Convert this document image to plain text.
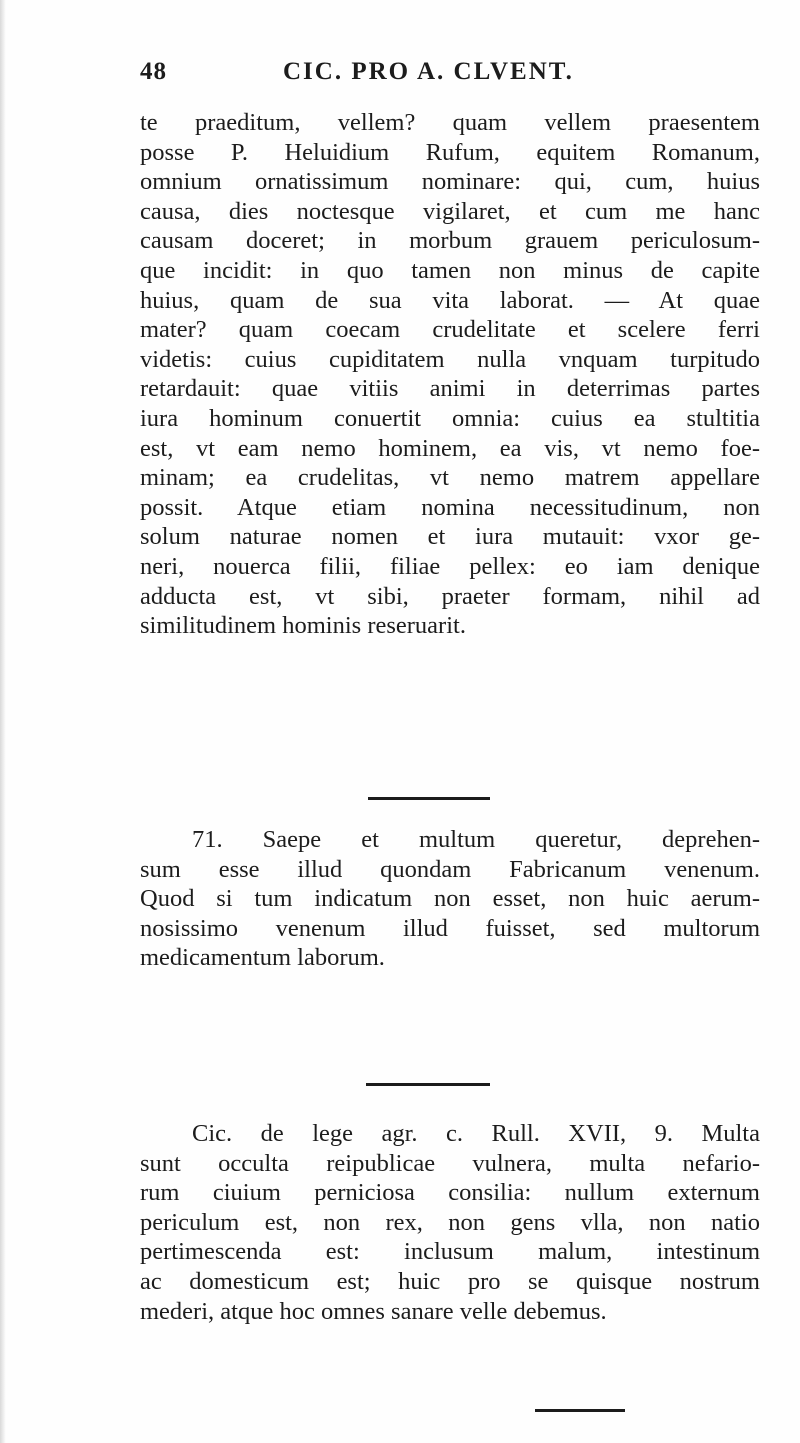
48	CIC. PRO A. CLVENT.
te praeditum, vellem? quam vellem praesentem
posse P. Heluidium Rufum, equitem Romanum,
omnium ornatissimum nominare: qui, cum, huius
causa, dies noctesque vigilaret, et cum me hanc
causam doceret; in morbum grauem periculosum-
que incidit: in quo tamen non minus de capite
huius, quam de sua vita laborat. — At quae
mater? quam coecam crudelitate et scelere ferri
videtis: cuius cupiditatem nulla vnquam turpitudo
retardauit: quae vitiis animi in deterrimas partes
iura hominum conuertit omnia: cuius ea stultitia
est, vt eam nemo hominem, ea vis, vt nemo foe-
minam; ea crudelitas, vt nemo matrem appellare
possit. Atque etiam nomina necessitudinum, non
solum naturae nomen et iura mutauit: vxor ge-
neri, nouerca filii, filiae pellex: eo iam denique
adducta est, vt sibi, praeter formam, nihil ad
similitudinem hominis reseruarit.
71. Saepe et multum queretur, deprehen-
sum esse illud quondam Fabricanum venenum.
Quod si tum indicatum non esset, non huic aerum-
nosissimo venenum illud fuisset, sed multorum
medicamentum laborum.
Cic. de lege agr. c. Rull. XVII, 9. Multa
sunt occulta reipublicae vulnera, multa nefario-
rum ciuium perniciosa consilia: nullum externum
periculum est, non rex, non gens vlla, non natio
pertimescenda est: inclusum malum, intestinum
ac domesticum est; huic pro se quisque nostrum
mederi, atque hoc omnes sanare velle debemus.
